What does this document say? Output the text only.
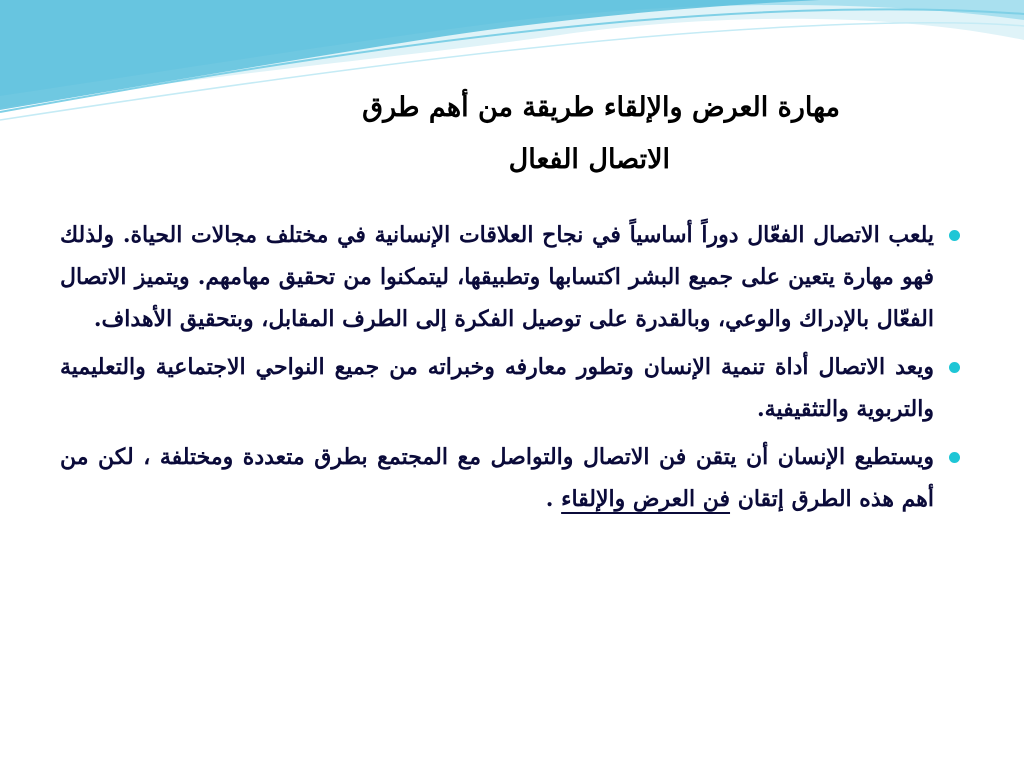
مهارة العرض والإلقاء طريقة من أهم طرق
الاتصال الفعال

يلعب الاتصال الفعّال دوراً أساسياً في نجاح العلاقات الإنسانية في مختلف مجالات الحياة. ولذلك فهو مهارة يتعين على جميع البشر اكتسابها وتطبيقها، ليتمكنوا من تحقيق مهامهم. ويتميز الاتصال الفعّال بالإدراك والوعي، وبالقدرة على توصيل الفكرة إلى الطرف المقابل، وبتحقيق الأهداف.

ويعد الاتصال أداة تنمية الإنسان وتطور معارفه وخبراته من جميع النواحي الاجتماعية والتعليمية والتربوية والتثقيفية.

ويستطيع الإنسان أن يتقن فن الاتصال والتواصل مع المجتمع بطرق متعددة ومختلفة ، لكن من أهم هذه الطرق إتقان فن العرض والإلقاء .
